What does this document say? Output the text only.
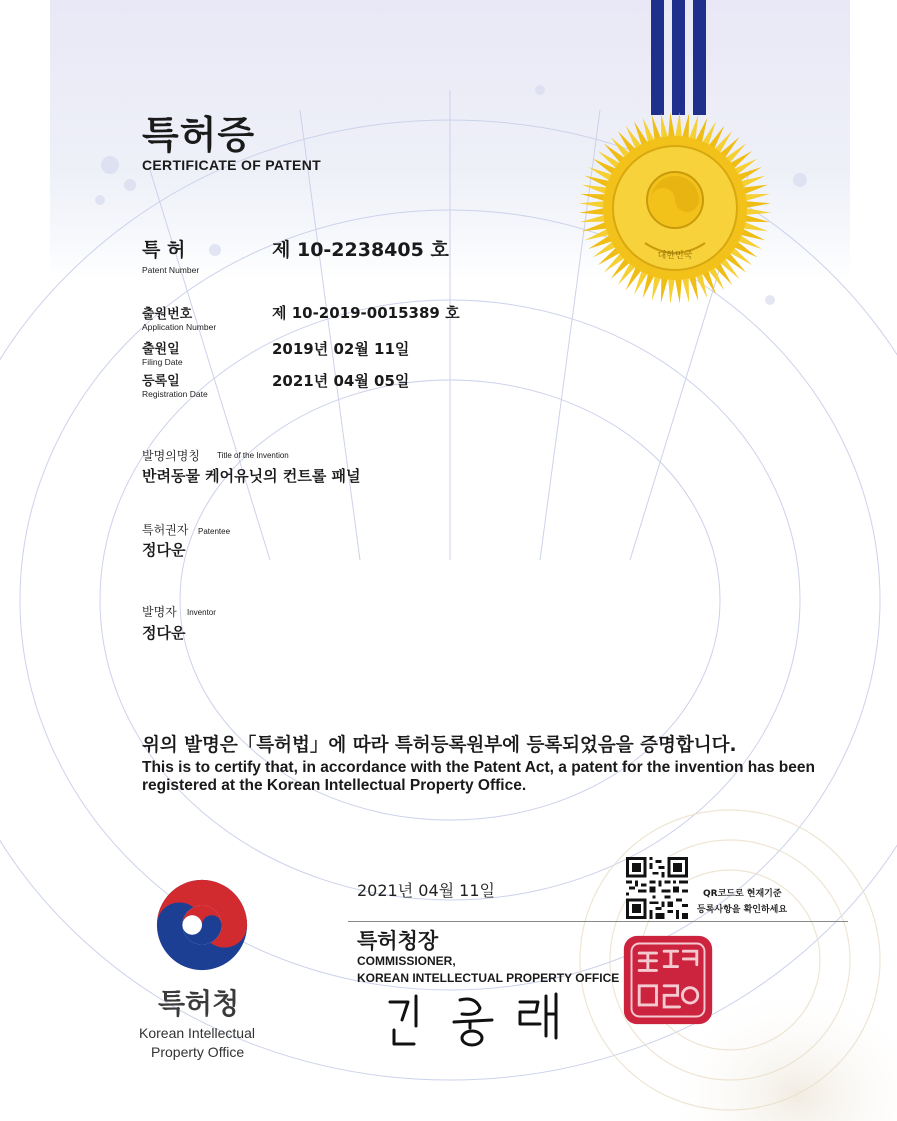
대한민국
특허증
CERTIFICATE OF PATENT
특 허
Patent Number
제 10-2238405 호
출원번호
Application Number
제 10-2019-0015389 호
출원일
Filing Date
2019년 02월 11일
등록일
Registration Date
2021년 04월 05일
발명의명칭 Title of the Invention
반려동물 케어유닛의 컨트롤 패널
특허권자 Patentee
정다운
발명자 Inventor
정다운
위의 발명은「특허법」에 따라 특허등록원부에 등록되었음을 증명합니다.
This is to certify that, in accordance with the Patent Act, a patent for the invention has been registered at the Korean Intellectual Property Office.
특허청
Korean Intellectual
Property Office
2021년 04월 11일	QR코드로 현재기준
등록사항을 확인하세요
특허청장
COMMISSIONER,
KOREAN INTELLECTUAL PROPERTY OFFICE
